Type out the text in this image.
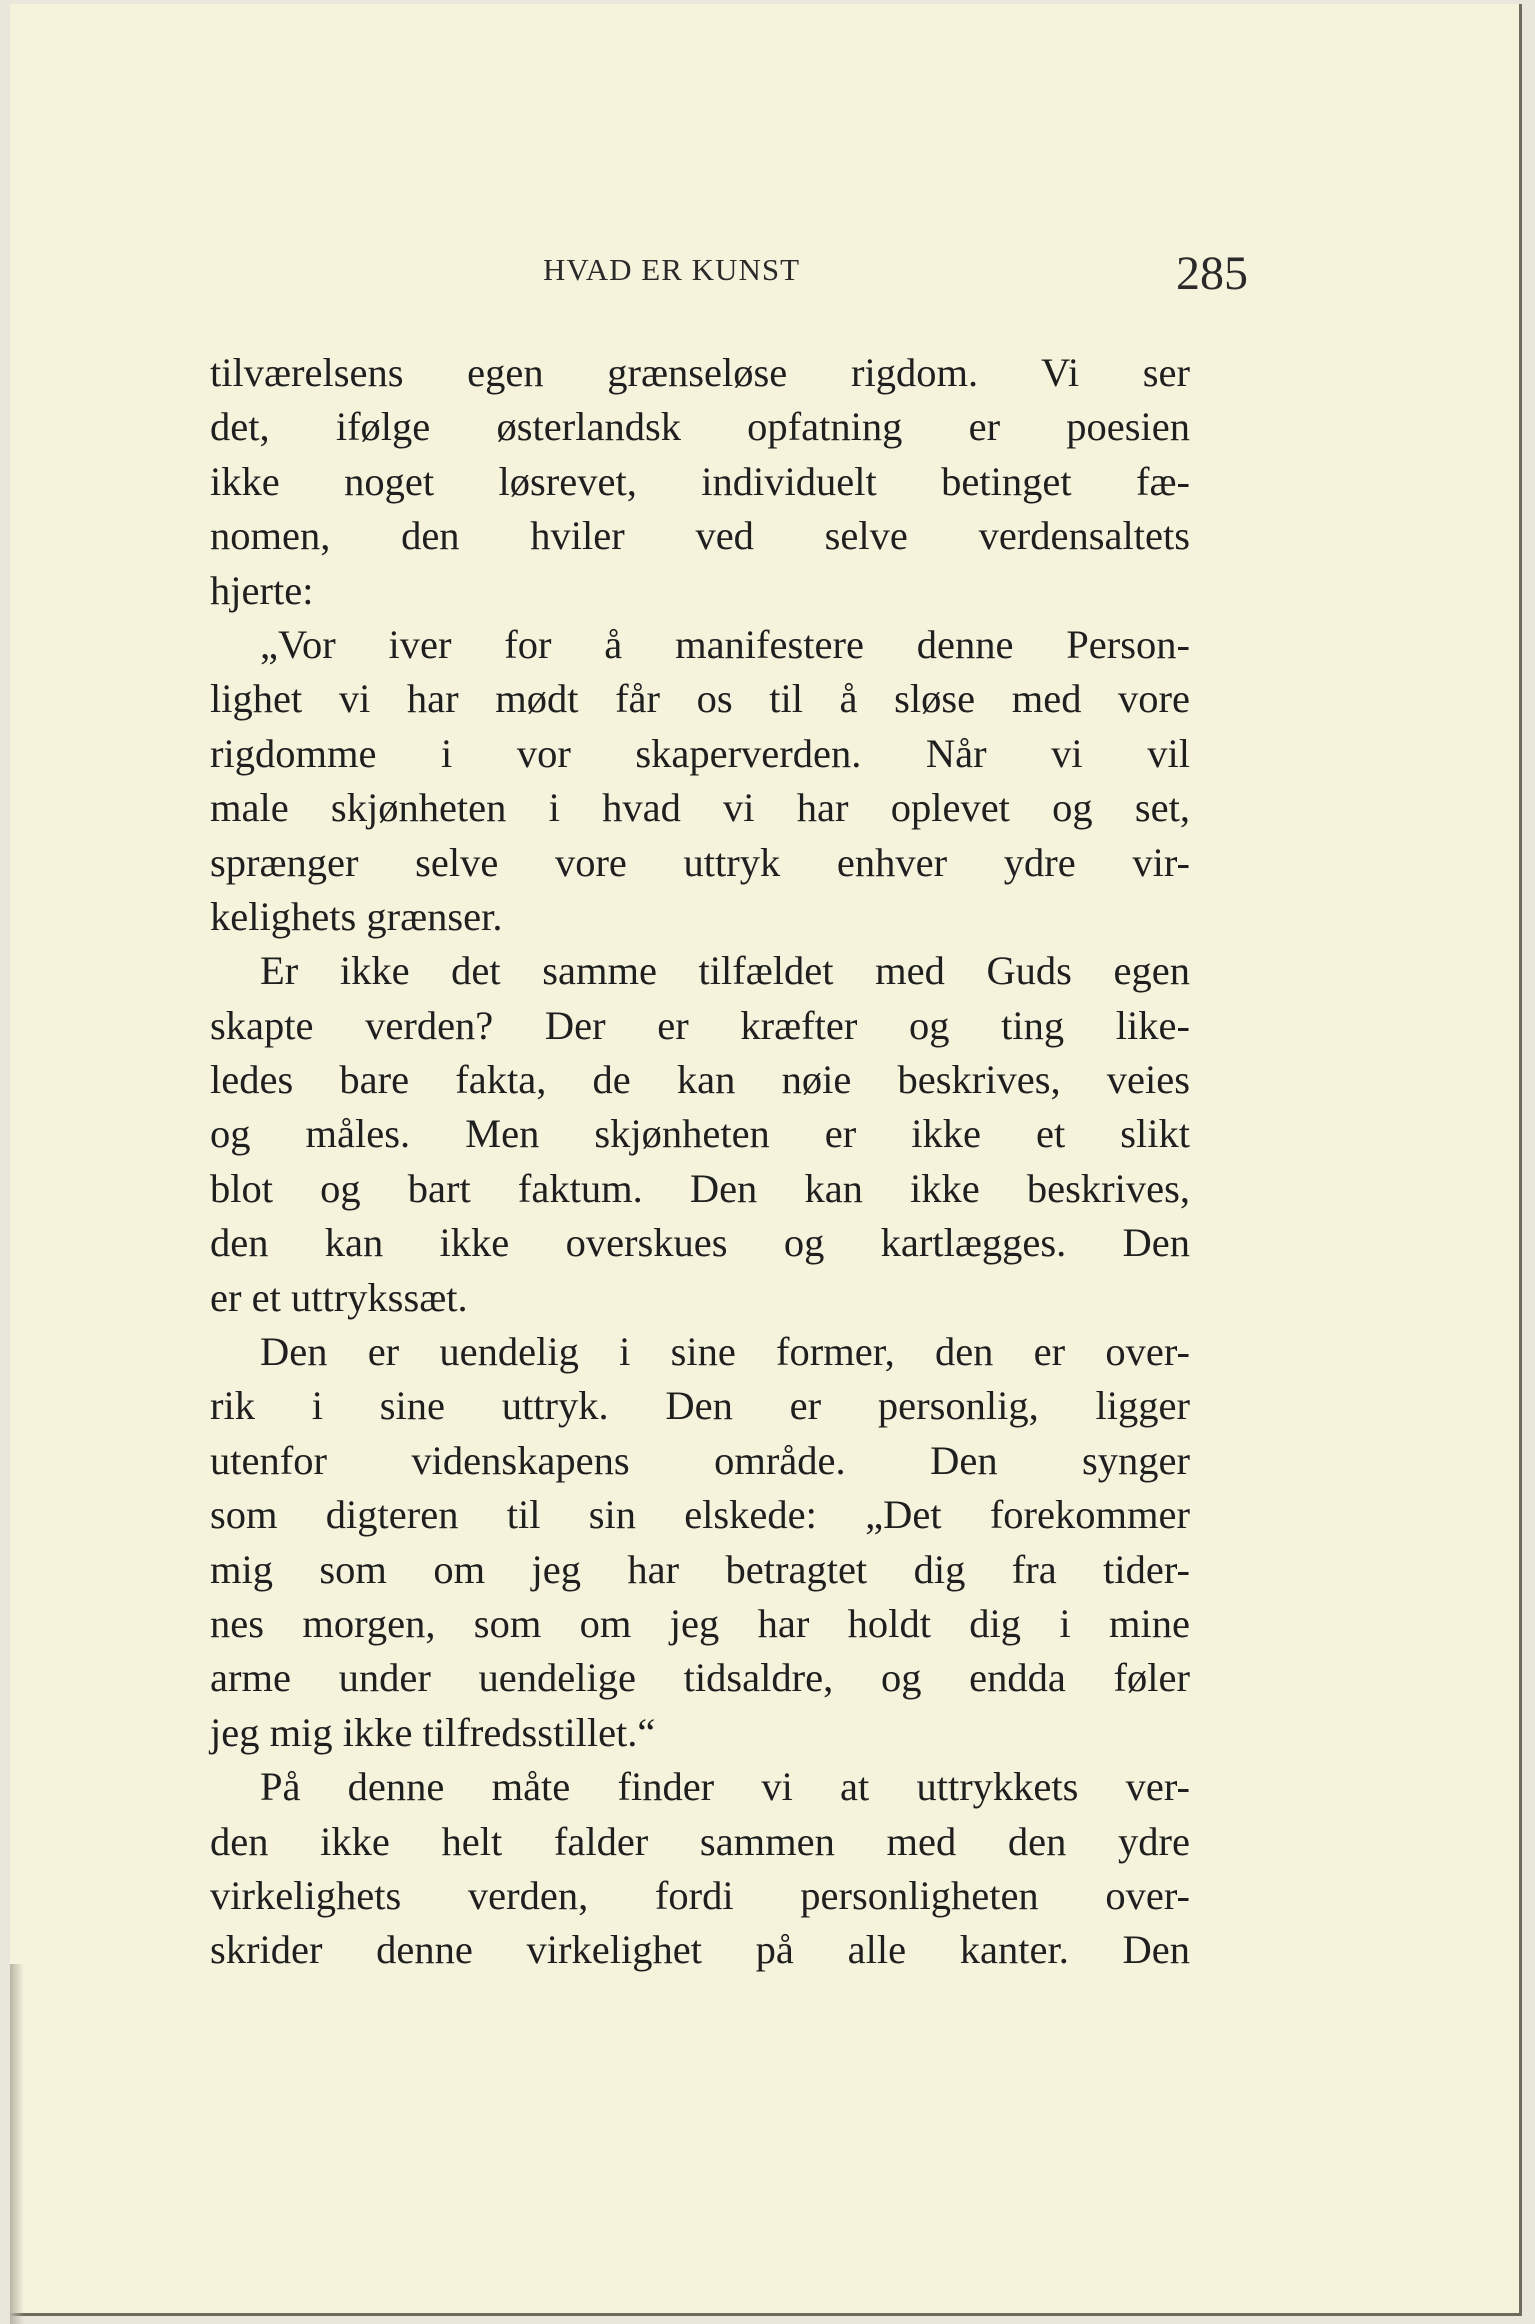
HVAD ER KUNST	285
tilværelsens egen grænseløse rigdom. Vi ser
det, ifølge østerlandsk opfatning er poesien
ikke noget løsrevet, individuelt betinget fæ-
nomen, den hviler ved selve verdensaltets
hjerte:
„Vor iver for å manifestere denne Person-
lighet vi har mødt får os til å sløse med vore
rigdomme i vor skaperverden. Når vi vil
male skjønheten i hvad vi har oplevet og set,
sprænger selve vore uttryk enhver ydre vir-
kelighets grænser.
Er ikke det samme tilfældet med Guds egen
skapte verden? Der er kræfter og ting like-
ledes bare fakta, de kan nøie beskrives, veies
og måles. Men skjønheten er ikke et slikt
blot og bart faktum. Den kan ikke beskrives,
den kan ikke overskues og kartlægges. Den
er et uttrykssæt.
Den er uendelig i sine former, den er over-
rik i sine uttryk. Den er personlig, ligger
utenfor videnskapens område. Den synger
som digteren til sin elskede: „Det forekommer
mig som om jeg har betragtet dig fra tider-
nes morgen, som om jeg har holdt dig i mine
arme under uendelige tidsaldre, og endda føler
jeg mig ikke tilfredsstillet.“
På denne måte finder vi at uttrykkets ver-
den ikke helt falder sammen med den ydre
virkelighets verden, fordi personligheten over-
skrider denne virkelighet på alle kanter. Den
